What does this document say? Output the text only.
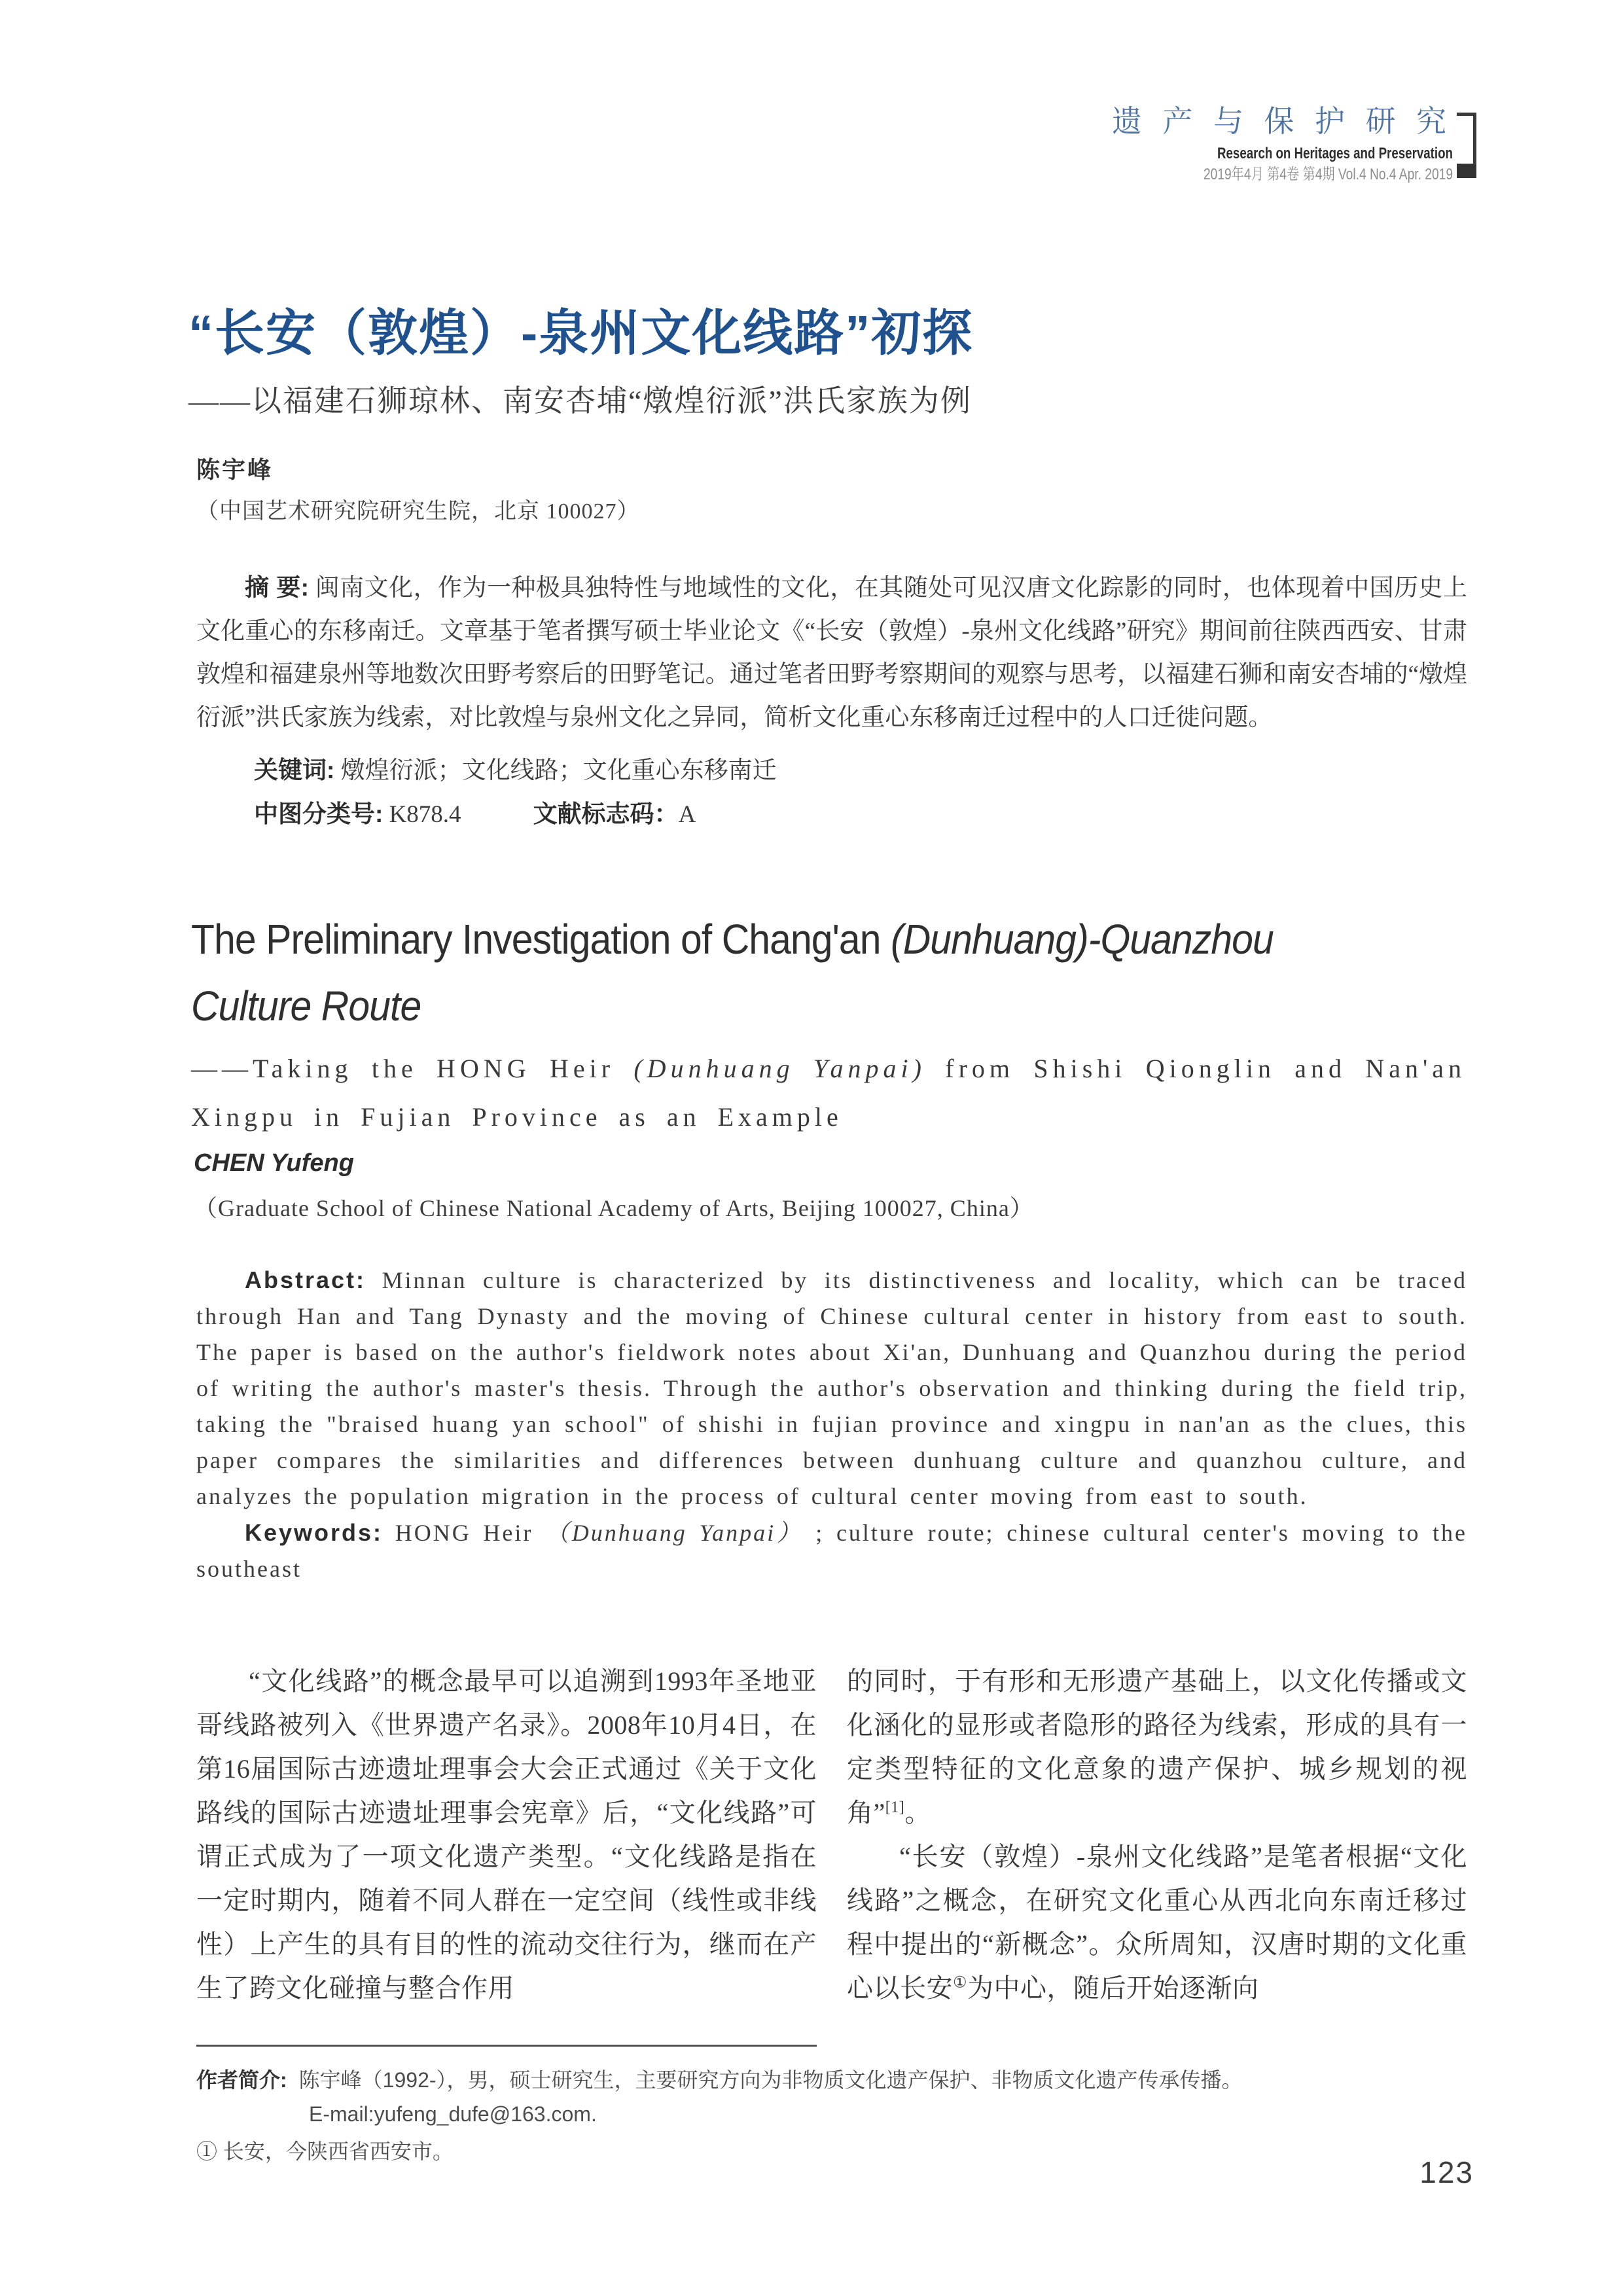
遗 产 与 保 护 研 究
Research on Heritages and Preservation
2019年4月 第4卷 第4期 Vol.4 No.4 Apr. 2019
“长安（敦煌）-泉州文化线路”初探
——以福建石狮琼林、南安杏埔“燉煌衍派”洪氏家族为例
陈宇峰
（中国艺术研究院研究生院，北京 100027）

摘 要: 闽南文化，作为一种极具独特性与地域性的文化，在其随处可见汉唐文化踪影的同时，也体现着中国历史上文化重心的东移南迁。文章基于笔者撰写硕士毕业论文《“长安（敦煌）-泉州文化线路”研究》期间前往陕西西安、甘肃敦煌和福建泉州等地数次田野考察后的田野笔记。通过笔者田野考察期间的观察与思考，以福建石狮和南安杏埔的“燉煌衍派”洪氏家族为线索，对比敦煌与泉州文化之异同，简析文化重心东移南迁过程中的人口迁徙问题。

关键词: 燉煌衍派；文化线路；文化重心东移南迁

中图分类号: K878.4	文献标志码：A

The Preliminary Investigation of Chang'an (Dunhuang)-Quanzhou
Culture Route
——Taking the HONG Heir (Dunhuang Yanpai) from Shishi Qionglin and Nan'an Xingpu in Fujian Province as an Example
CHEN Yufeng
（Graduate School of Chinese National Academy of Arts, Beijing 100027, China）

Abstract: Minnan culture is characterized by its distinctiveness and locality, which can be traced through Han and Tang Dynasty and the moving of Chinese cultural center in history from east to south. The paper is based on the author's fieldwork notes about Xi'an, Dunhuang and Quanzhou during the period of writing the author's master's thesis. Through the author's observation and thinking during the field trip, taking the "braised huang yan school" of shishi in fujian province and xingpu in nan'an as the clues, this paper compares the similarities and differences between dunhuang culture and quanzhou culture, and analyzes the population migration in the process of cultural center moving from east to south.

Keywords: HONG Heir （Dunhuang Yanpai） ; culture route; chinese cultural center's moving to the southeast

“文化线路”的概念最早可以追溯到1993年圣地亚哥线路被列入《世界遗产名录》。2008年10月4日，在第16届国际古迹遗址理事会大会正式通过《关于文化路线的国际古迹遗址理事会宪章》后，“文化线路”可谓正式成为了一项文化遗产类型。“文化线路是指在一定时期内，随着不同人群在一定空间（线性或非线性）上产生的具有目的性的流动交往行为，继而在产生了跨文化碰撞与整合作用

的同时，于有形和无形遗产基础上，以文化传播或文化涵化的显形或者隐形的路径为线索，形成的具有一定类型特征的文化意象的遗产保护、城乡规划的视角”[1]。

“长安（敦煌）-泉州文化线路”是笔者根据“文化线路”之概念，在研究文化重心从西北向东南迁移过程中提出的“新概念”。众所周知，汉唐时期的文化重心以长安①为中心，随后开始逐渐向

作者简介: 陈宇峰（1992-），男，硕士研究生，主要研究方向为非物质文化遗产保护、非物质文化遗产传承传播。
E-mail:yufeng_dufe@163.com.
① 长安，今陕西省西安市。
123
